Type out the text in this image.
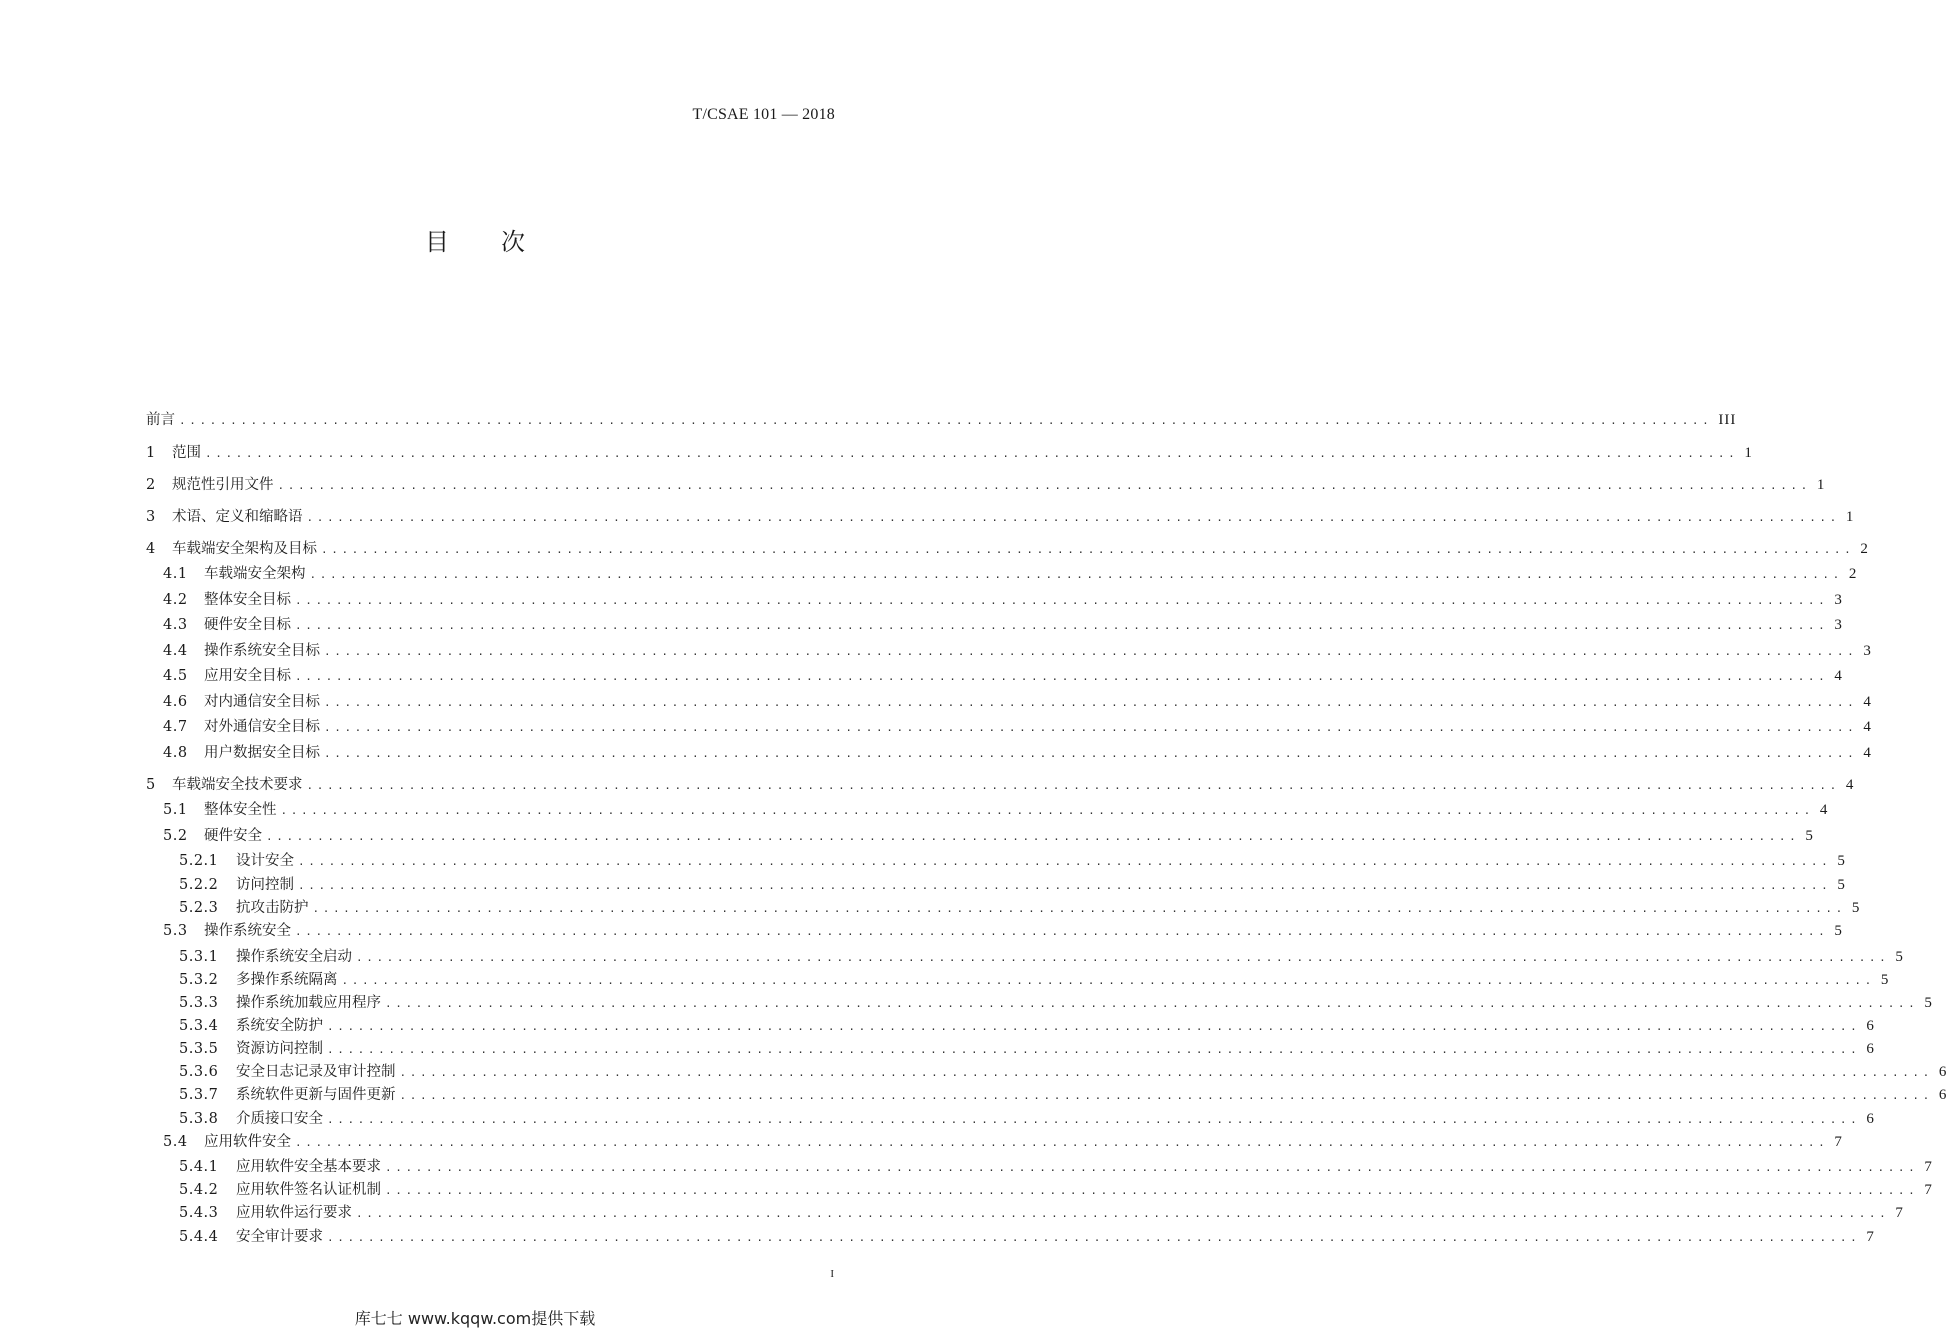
T/CSAE 101 — 2018
目 次
前言 ...................................................................................................................................................... III
1	范围 ...................................................................................................................................................... 1
2	规范性引用文件 ...................................................................................................................................................... 1
3	术语、定义和缩略语 ...................................................................................................................................................... 1
4	车载端安全架构及目标 ...................................................................................................................................................... 2
4.1	车载端安全架构 ...................................................................................................................................................... 2
4.2	整体安全目标 ...................................................................................................................................................... 3
4.3	硬件安全目标 ...................................................................................................................................................... 3
4.4	操作系统安全目标 ...................................................................................................................................................... 3
4.5	应用安全目标 ...................................................................................................................................................... 4
4.6	对内通信安全目标 ...................................................................................................................................................... 4
4.7	对外通信安全目标 ...................................................................................................................................................... 4
4.8	用户数据安全目标 ...................................................................................................................................................... 4
5	车载端安全技术要求 ...................................................................................................................................................... 4
5.1	整体安全性 ...................................................................................................................................................... 4
5.2	硬件安全 ...................................................................................................................................................... 5
5.2.1	设计安全 ...................................................................................................................................................... 5
5.2.2	访问控制 ...................................................................................................................................................... 5
5.2.3	抗攻击防护 ...................................................................................................................................................... 5
5.3	操作系统安全 ...................................................................................................................................................... 5
5.3.1	操作系统安全启动 ...................................................................................................................................................... 5
5.3.2	多操作系统隔离 ...................................................................................................................................................... 5
5.3.3	操作系统加载应用程序 ...................................................................................................................................................... 5
5.3.4	系统安全防护 ...................................................................................................................................................... 6
5.3.5	资源访问控制 ...................................................................................................................................................... 6
5.3.6	安全日志记录及审计控制 ...................................................................................................................................................... 6
5.3.7	系统软件更新与固件更新 ...................................................................................................................................................... 6
5.3.8	介质接口安全 ...................................................................................................................................................... 6
5.4	应用软件安全 ...................................................................................................................................................... 7
5.4.1	应用软件安全基本要求 ...................................................................................................................................................... 7
5.4.2	应用软件签名认证机制 ...................................................................................................................................................... 7
5.4.3	应用软件运行要求 ...................................................................................................................................................... 7
5.4.4	安全审计要求 ...................................................................................................................................................... 7
I
库七七 www.kqqw.com提供下载
